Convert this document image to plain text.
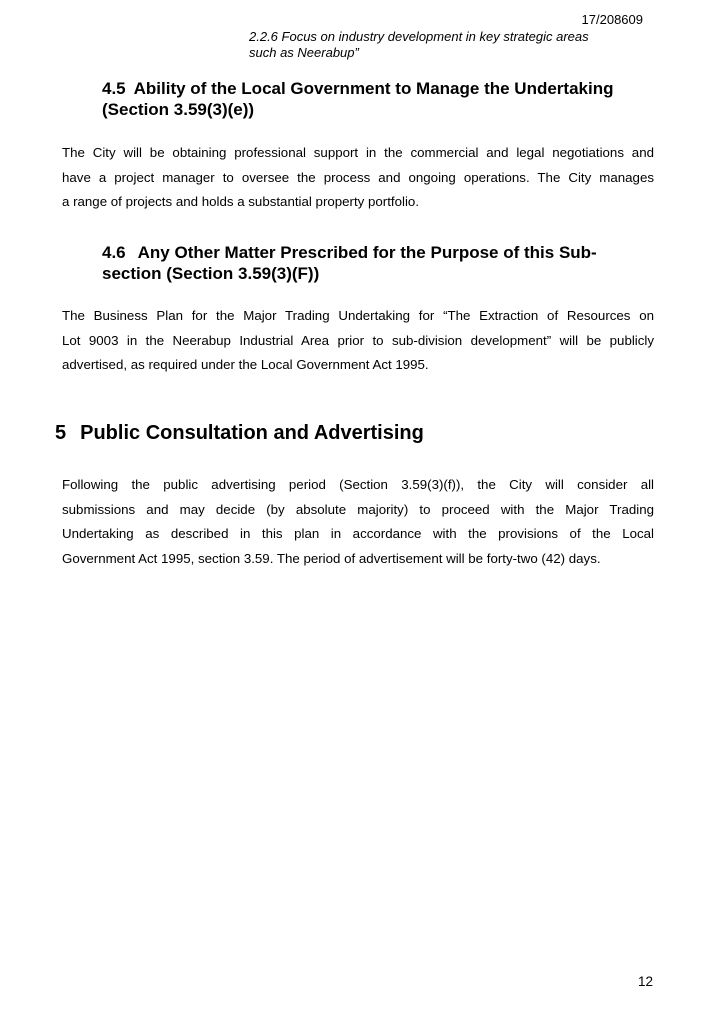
17/208609
2.2.6 Focus on industry development in key strategic areas
such as Neerabup”
4.5 Ability of the Local Government to Manage the Undertaking
(Section 3.59(3)(e))
The City will be obtaining professional support in the commercial and legal negotiations and
have a project manager to oversee the process and ongoing operations. The City manages
a range of projects and holds a substantial property portfolio.
4.6 Any Other Matter Prescribed for the Purpose of this Sub-
section (Section 3.59(3)(F))
The Business Plan for the Major Trading Undertaking for “The Extraction of Resources on
Lot 9003 in the Neerabup Industrial Area prior to sub-division development” will be publicly
advertised, as required under the Local Government Act 1995.
5 Public Consultation and Advertising
Following the public advertising period (Section 3.59(3)(f)), the City will consider all
submissions and may decide (by absolute majority) to proceed with the Major Trading
Undertaking as described in this plan in accordance with the provisions of the Local
Government Act 1995, section 3.59. The period of advertisement will be forty-two (42) days.
12
